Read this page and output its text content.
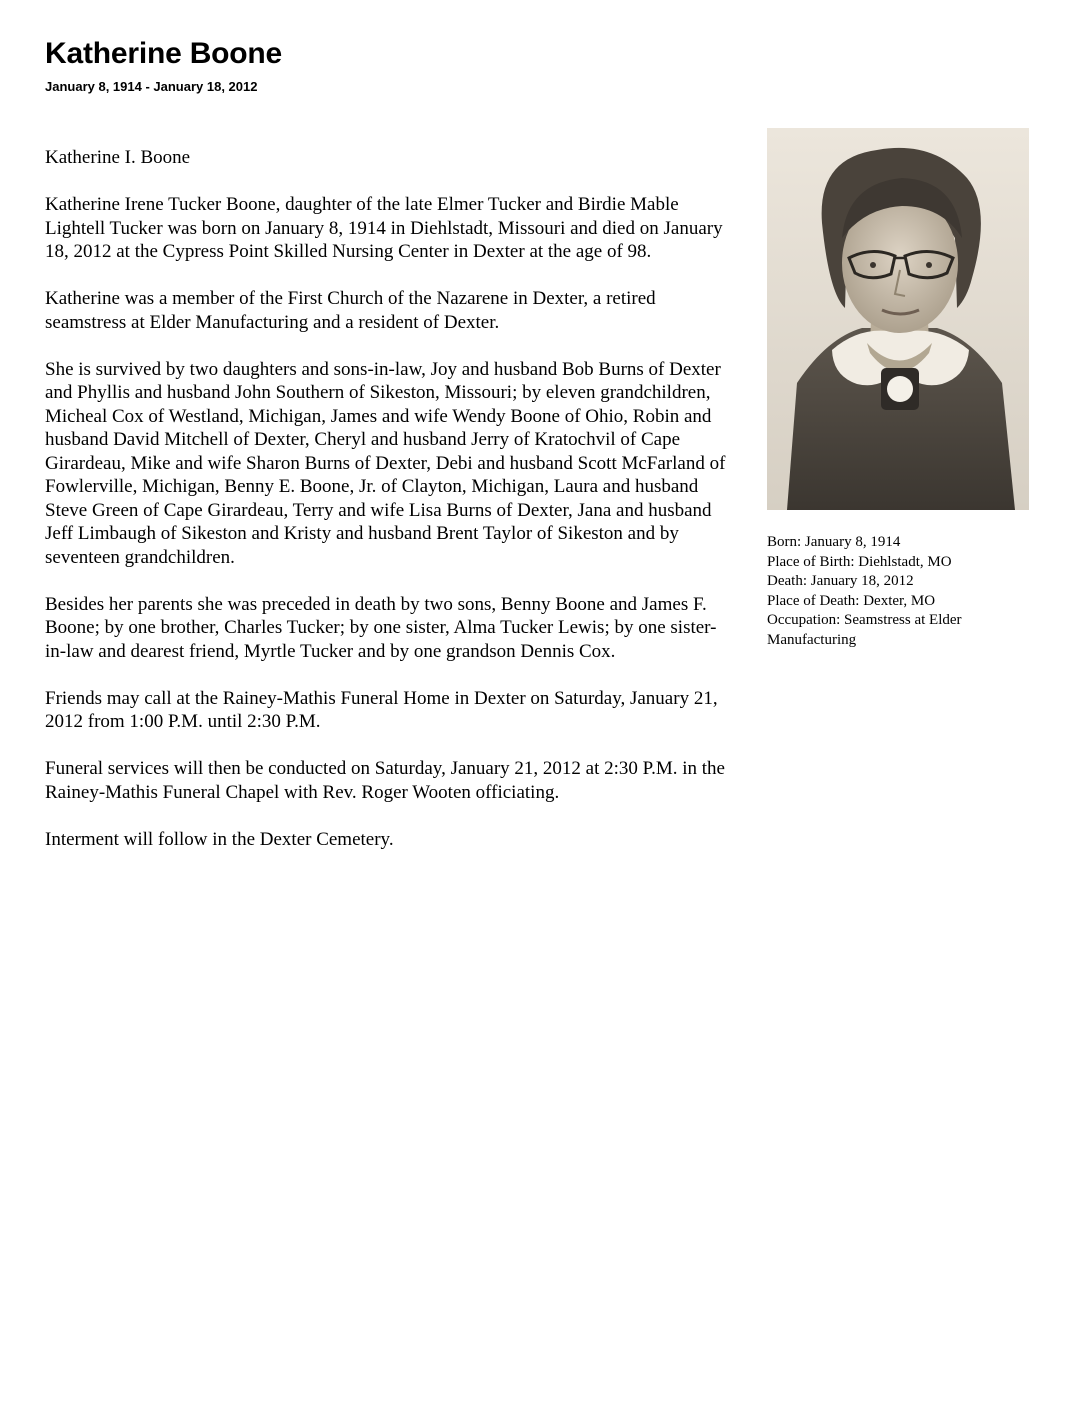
Katherine Boone
January 8, 1914 - January 18, 2012

Katherine I. Boone

Katherine Irene Tucker Boone, daughter of the late Elmer Tucker and Birdie Mable Lightell Tucker was born on January 8, 1914 in Diehlstadt, Missouri and died on January 18, 2012 at the Cypress Point Skilled Nursing Center in Dexter at the age of 98.

Katherine was a member of the First Church of the Nazarene in Dexter, a retired seamstress at Elder Manufacturing and a resident of Dexter.

She is survived by two daughters and sons-in-law, Joy and husband Bob Burns of Dexter and Phyllis and husband John Southern of Sikeston, Missouri; by eleven grandchildren, Micheal Cox of Westland, Michigan, James and wife Wendy Boone of Ohio, Robin and husband David Mitchell of Dexter, Cheryl and husband Jerry of Kratochvil of Cape Girardeau, Mike and wife Sharon Burns of Dexter, Debi and husband Scott McFarland of Fowlerville, Michigan, Benny E. Boone, Jr. of Clayton, Michigan, Laura and husband Steve Green of Cape Girardeau, Terry and wife Lisa Burns of Dexter, Jana and husband Jeff Limbaugh of Sikeston and Kristy and husband Brent Taylor of Sikeston and by seventeen grandchildren.

Besides her parents she was preceded in death by two sons, Benny Boone and James F. Boone; by one brother, Charles Tucker; by one sister, Alma Tucker Lewis; by one sister-in-law and dearest friend, Myrtle Tucker and by one grandson Dennis Cox.

Friends may call at the Rainey-Mathis Funeral Home in Dexter on Saturday, January 21, 2012 from 1:00 P.M. until 2:30 P.M.

Funeral services will then be conducted on Saturday, January 21, 2012 at 2:30 P.M. in the Rainey-Mathis Funeral Chapel with Rev. Roger Wooten officiating.

Interment will follow in the Dexter Cemetery.

Born: January 8, 1914
Place of Birth: Diehlstadt, MO
Death: January 18, 2012
Place of Death: Dexter, MO
Occupation: Seamstress at Elder Manufacturing
